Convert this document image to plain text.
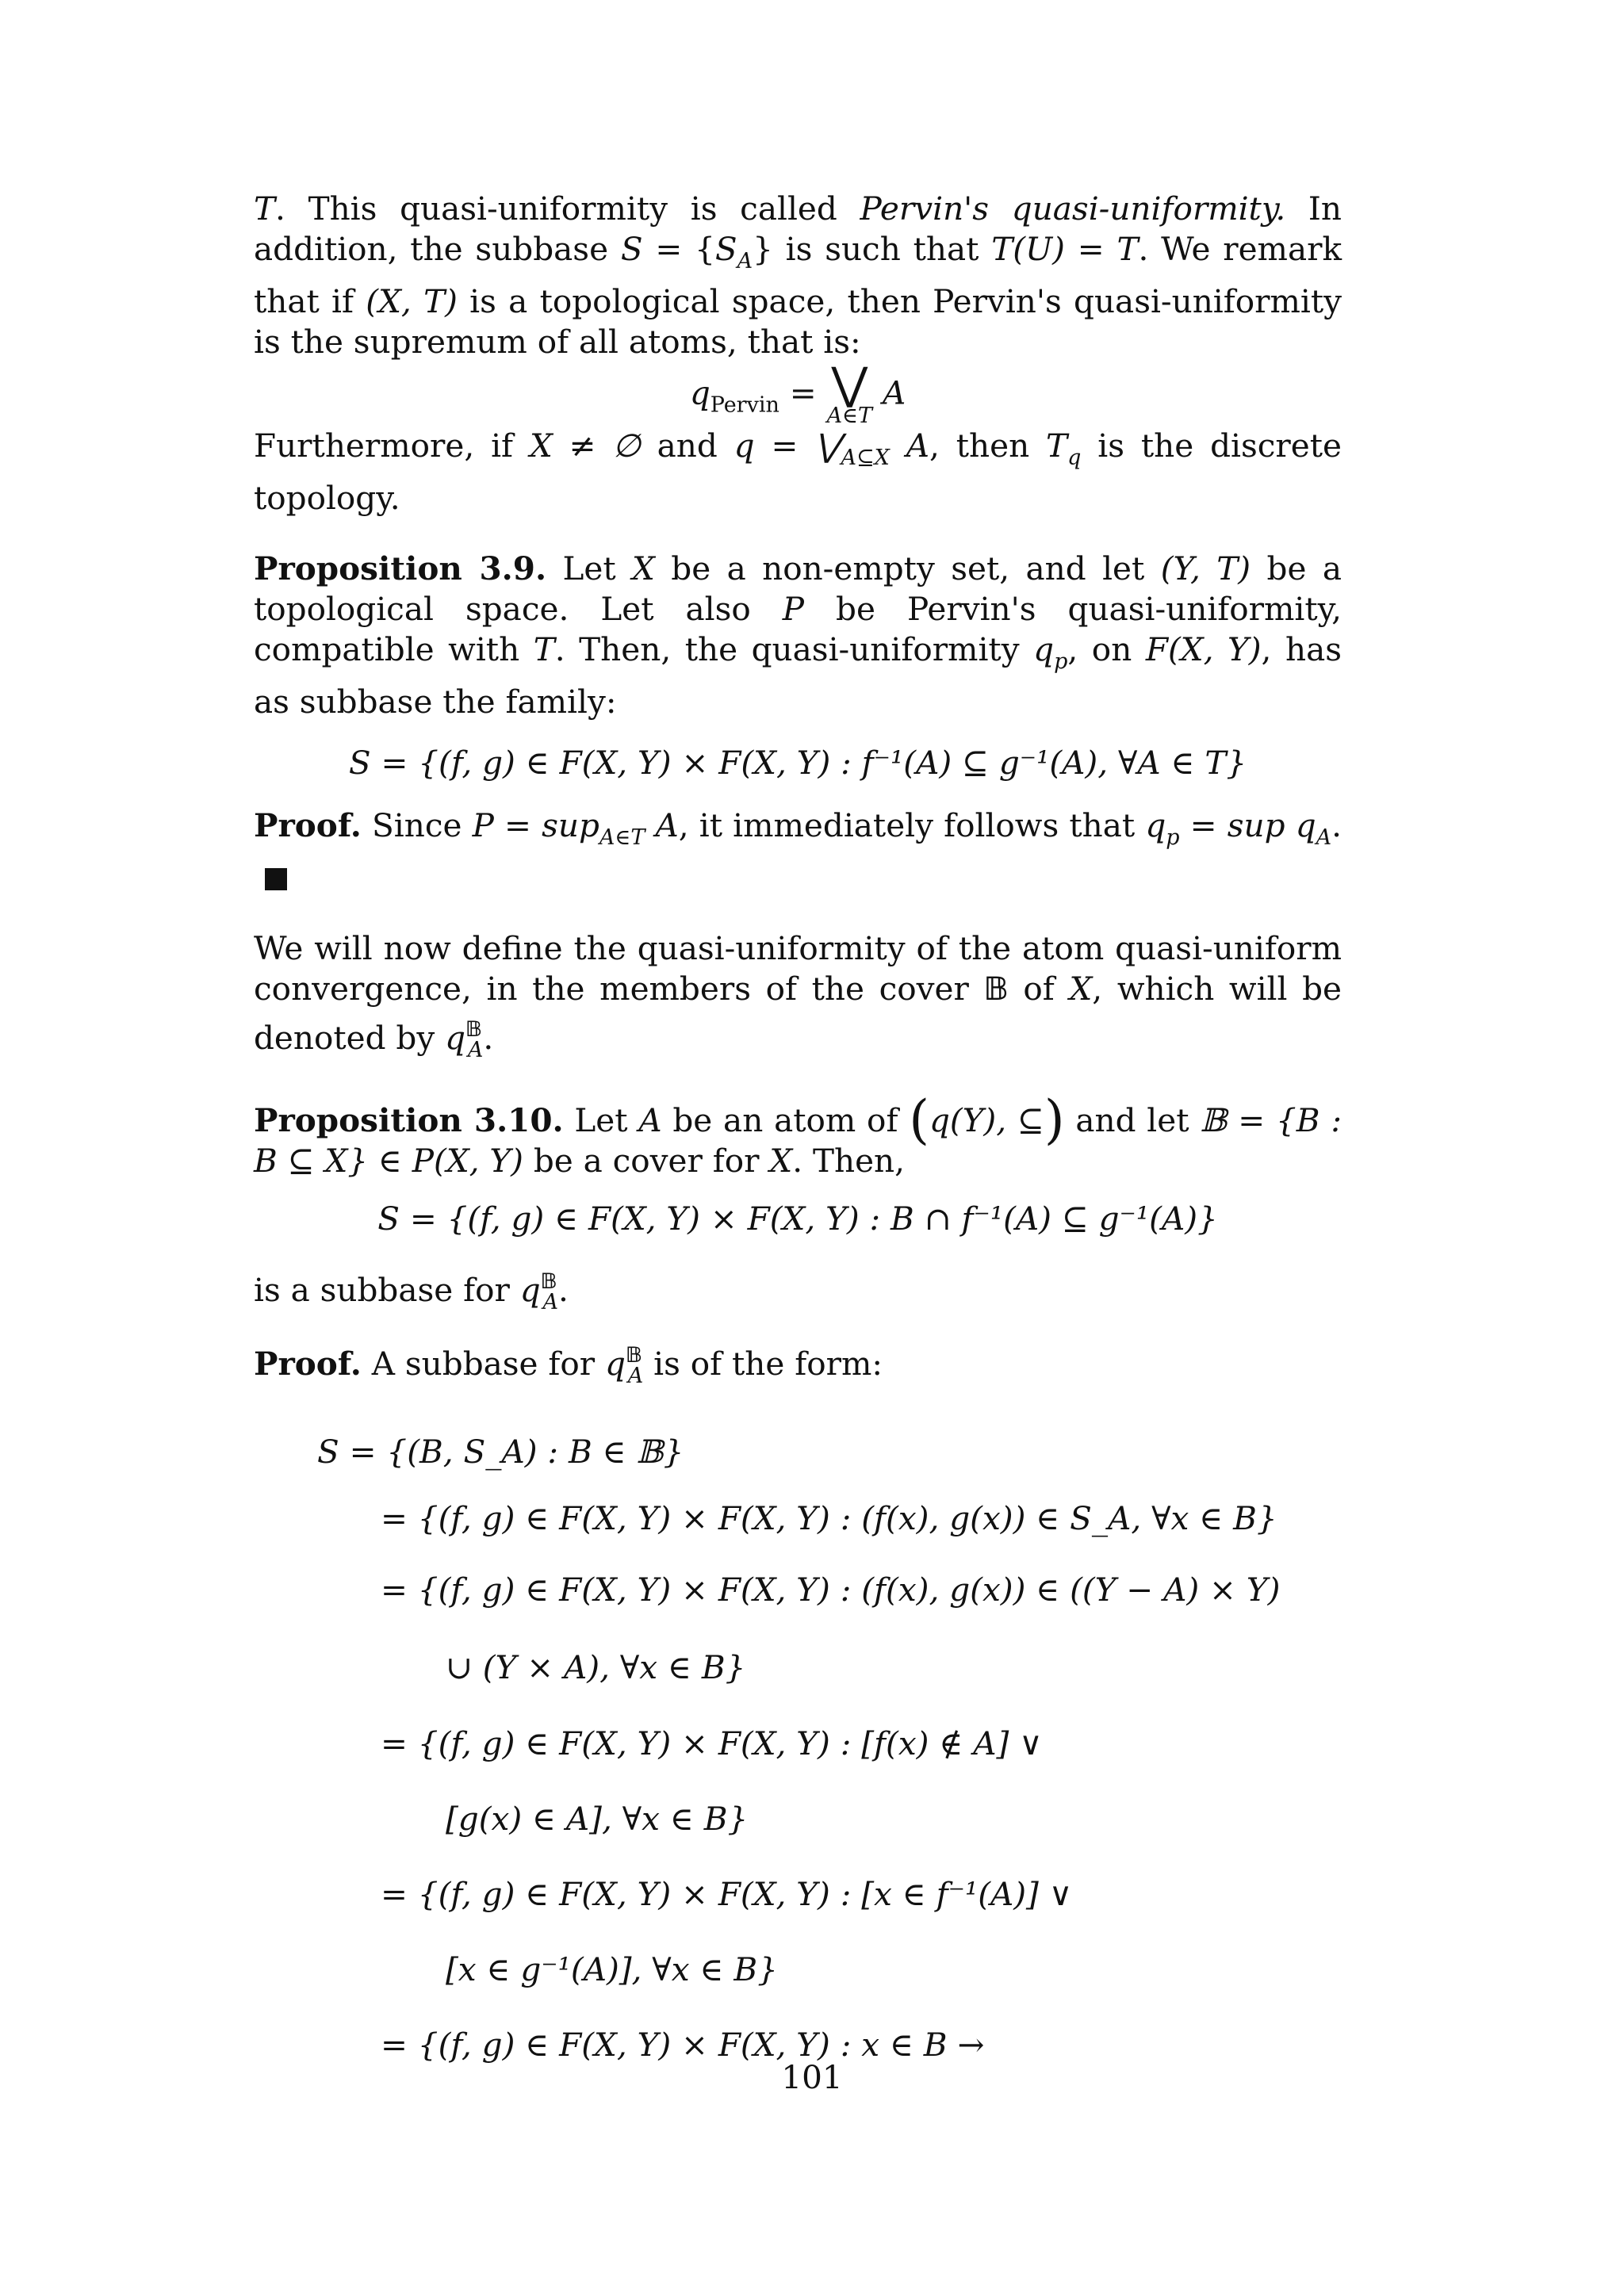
T. This quasi-uniformity is called Pervin's quasi-uniformity. In addition, the subbase $S = \{S_A\}$ is such that T(U) = T. We remark that if (X, T) is a topological space, then Pervin's quasi-uniformity is the supremum of all atoms, that is:

$q_{Pervin}$ = ⋁
A∈T
A

Furthermore, if X ≠ ∅ and $q = ⋁_{A⊆X}$ A, then $T_q$ is the discrete topology.

Proposition 3.9. Let X be a non-empty set, and let (Y, T) be a topological space. Let also P be Pervin's quasi-uniformity, compatible with T. Then, the quasi-uniformity $q_p$, on F(X, Y), has as subbase the family:

S = {(f, g) ∈ F(X, Y) × F(X, Y) : f⁻¹(A) ⊆ g⁻¹(A), ∀A ∈ T}

Proof. Since P = sup$_{A\in T}$ A, it immediately follows that $q_p$ = sup $q_A$.

We will now define the quasi-uniformity of the atom quasi-uniform convergence, in the members of the cover 𝔹 of X, which will be denoted by $q^𝔹_A$.

Proposition 3.10. Let A be an atom of (q(Y), ⊆) and let 𝔹 = {B : B ⊆ X} ∈ P(X, Y) be a cover for X. Then,

S = {(f, g) ∈ F(X, Y) × F(X, Y) : B ∩ f⁻¹(A) ⊆ g⁻¹(A)}

is a subbase for $q^𝔹_A$.

Proof. A subbase for $q^𝔹_A$ is of the form:

S = {(B, S_A) : B ∈ 𝔹}
= {(f, g) ∈ F(X, Y) × F(X, Y) : (f(x), g(x)) ∈ S_A, ∀x ∈ B}
= {(f, g) ∈ F(X, Y) × F(X, Y) : (f(x), g(x)) ∈ ((Y − A) × Y)
∪ (Y × A), ∀x ∈ B}
= {(f, g) ∈ F(X, Y) × F(X, Y) : [f(x) ∉ A] ∨
[g(x) ∈ A], ∀x ∈ B}
= {(f, g) ∈ F(X, Y) × F(X, Y) : [x ∈ f⁻¹(A)] ∨
[x ∈ g⁻¹(A)], ∀x ∈ B}
= {(f, g) ∈ F(X, Y) × F(X, Y) : x ∈ B →
101
